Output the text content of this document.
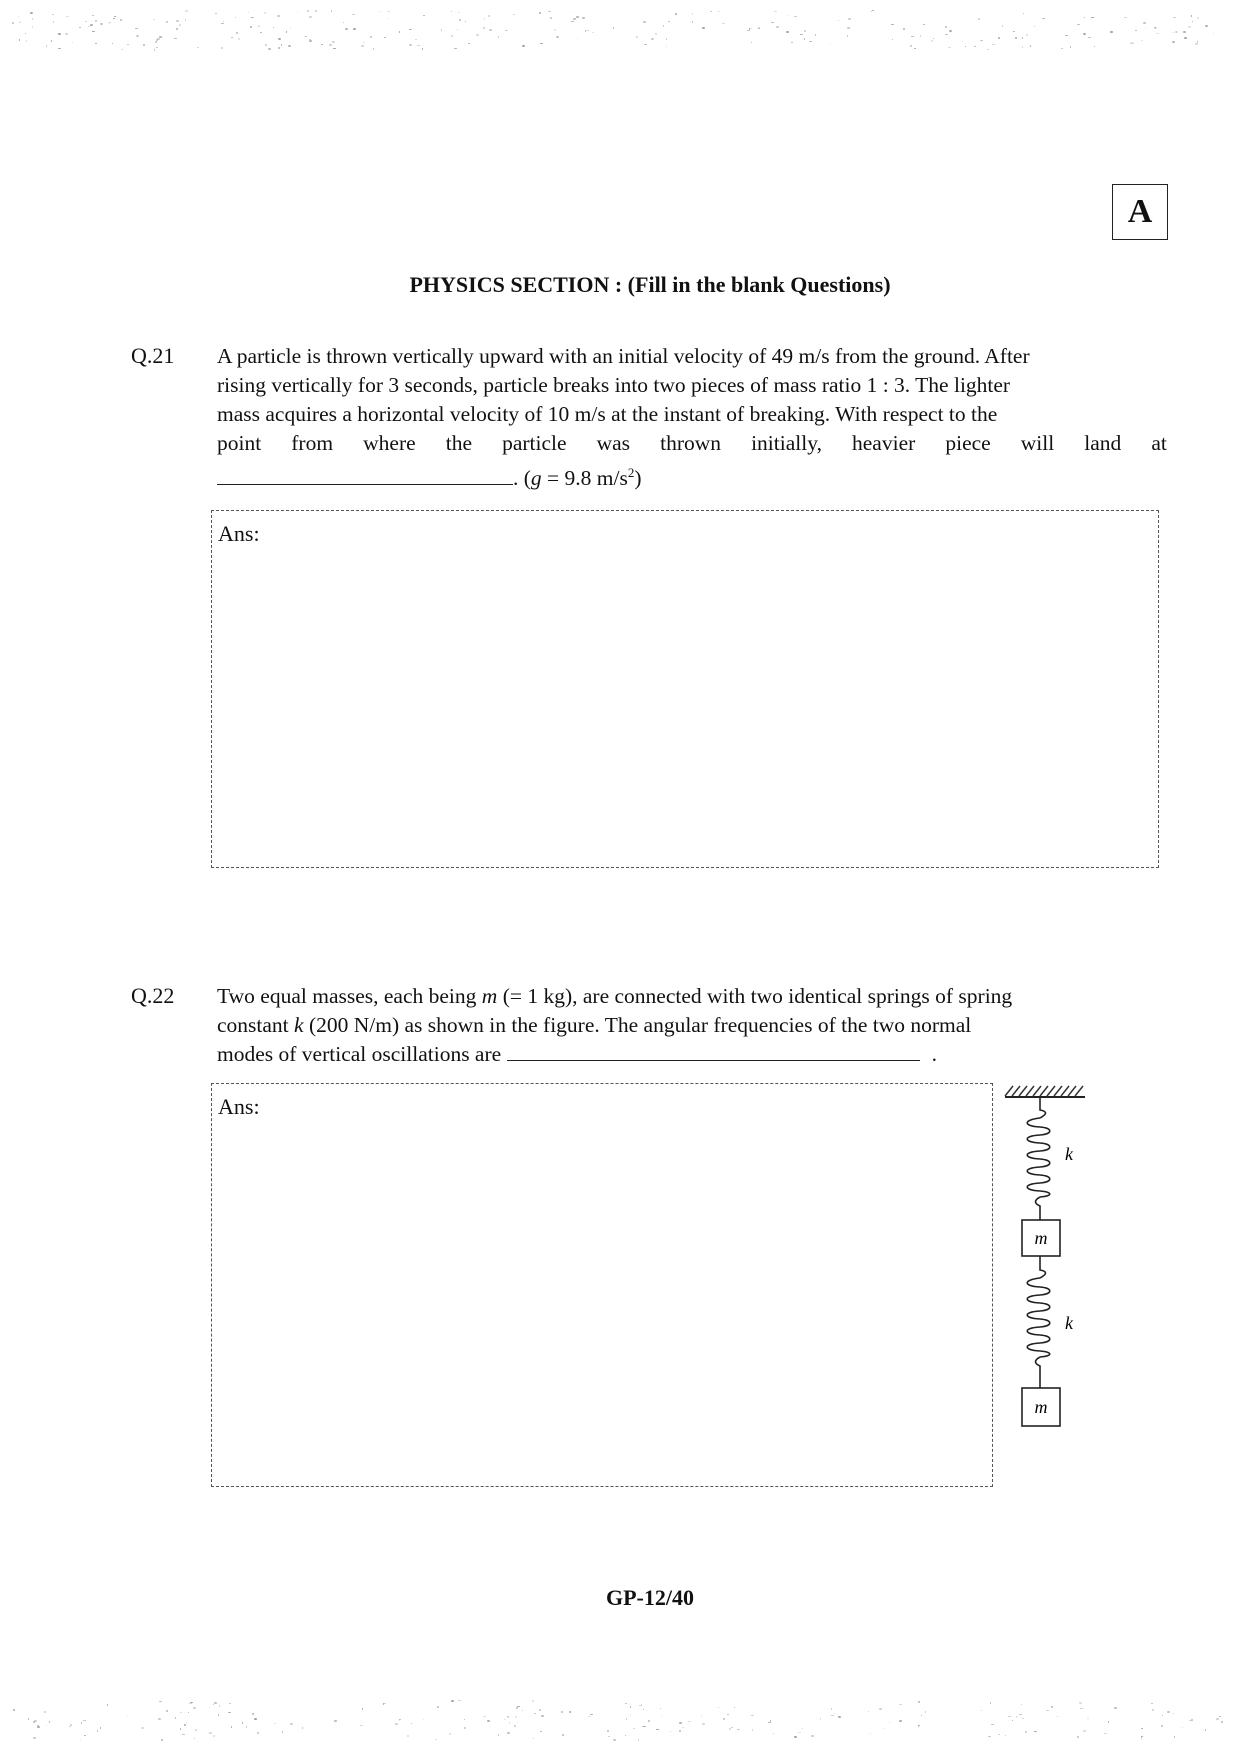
A
PHYSICS SECTION : (Fill in the blank Questions)
Q.21 A particle is thrown vertically upward with an initial velocity of 49 m/s from the ground. After
rising vertically for 3 seconds, particle breaks into two pieces of mass ratio 1 : 3. The lighter
mass acquires a horizontal velocity of 10 m/s at the instant of breaking. With respect to the
point from where the particle was thrown initially, heavier piece will land at
. (g = 9.8 $m/s^2$)
Ans:
Q.22 Two equal masses, each being m (= 1 kg), are connected with two identical springs of spring
constant k (200 N/m) as shown in the figure. The angular frequencies of the two normal
modes of vertical oscillations are	.
Ans:
k
m
k
m
GP-12/40
